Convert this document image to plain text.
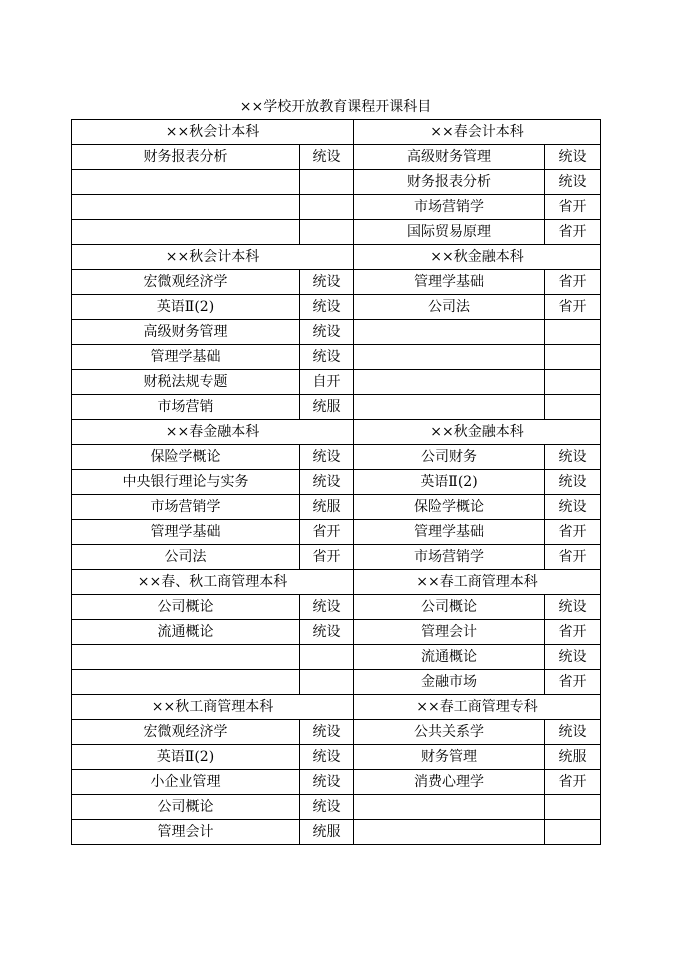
××学校开放教育课程开课科目
××秋会计本科		××春会计本科	
财务报表分析	统设	高级财务管理	统设
		财务报表分析	统设
		市场营销学	省开
		国际贸易原理	省开
××秋会计本科		××秋金融本科	
宏微观经济学	统设	管理学基础	省开
英语Ⅱ(2)	统设	公司法	省开
高级财务管理	统设		
管理学基础	统设		
财税法规专题	自开		
市场营销	统服		
××春金融本科		××秋金融本科	
保险学概论	统设	公司财务	统设
中央银行理论与实务	统设	英语Ⅱ(2)	统设
市场营销学	统服	保险学概论	统设
管理学基础	省开	管理学基础	省开
公司法	省开	市场营销学	省开
××春、秋工商管理本科		××春工商管理本科	
公司概论	统设	公司概论	统设
流通概论	统设	管理会计	省开
		流通概论	统设
		金融市场	省开
××秋工商管理本科		××春工商管理专科	
宏微观经济学	统设	公共关系学	统设
英语Ⅱ(2)	统设	财务管理	统服
小企业管理	统设	消费心理学	省开
公司概论	统设		
管理会计	统服		
